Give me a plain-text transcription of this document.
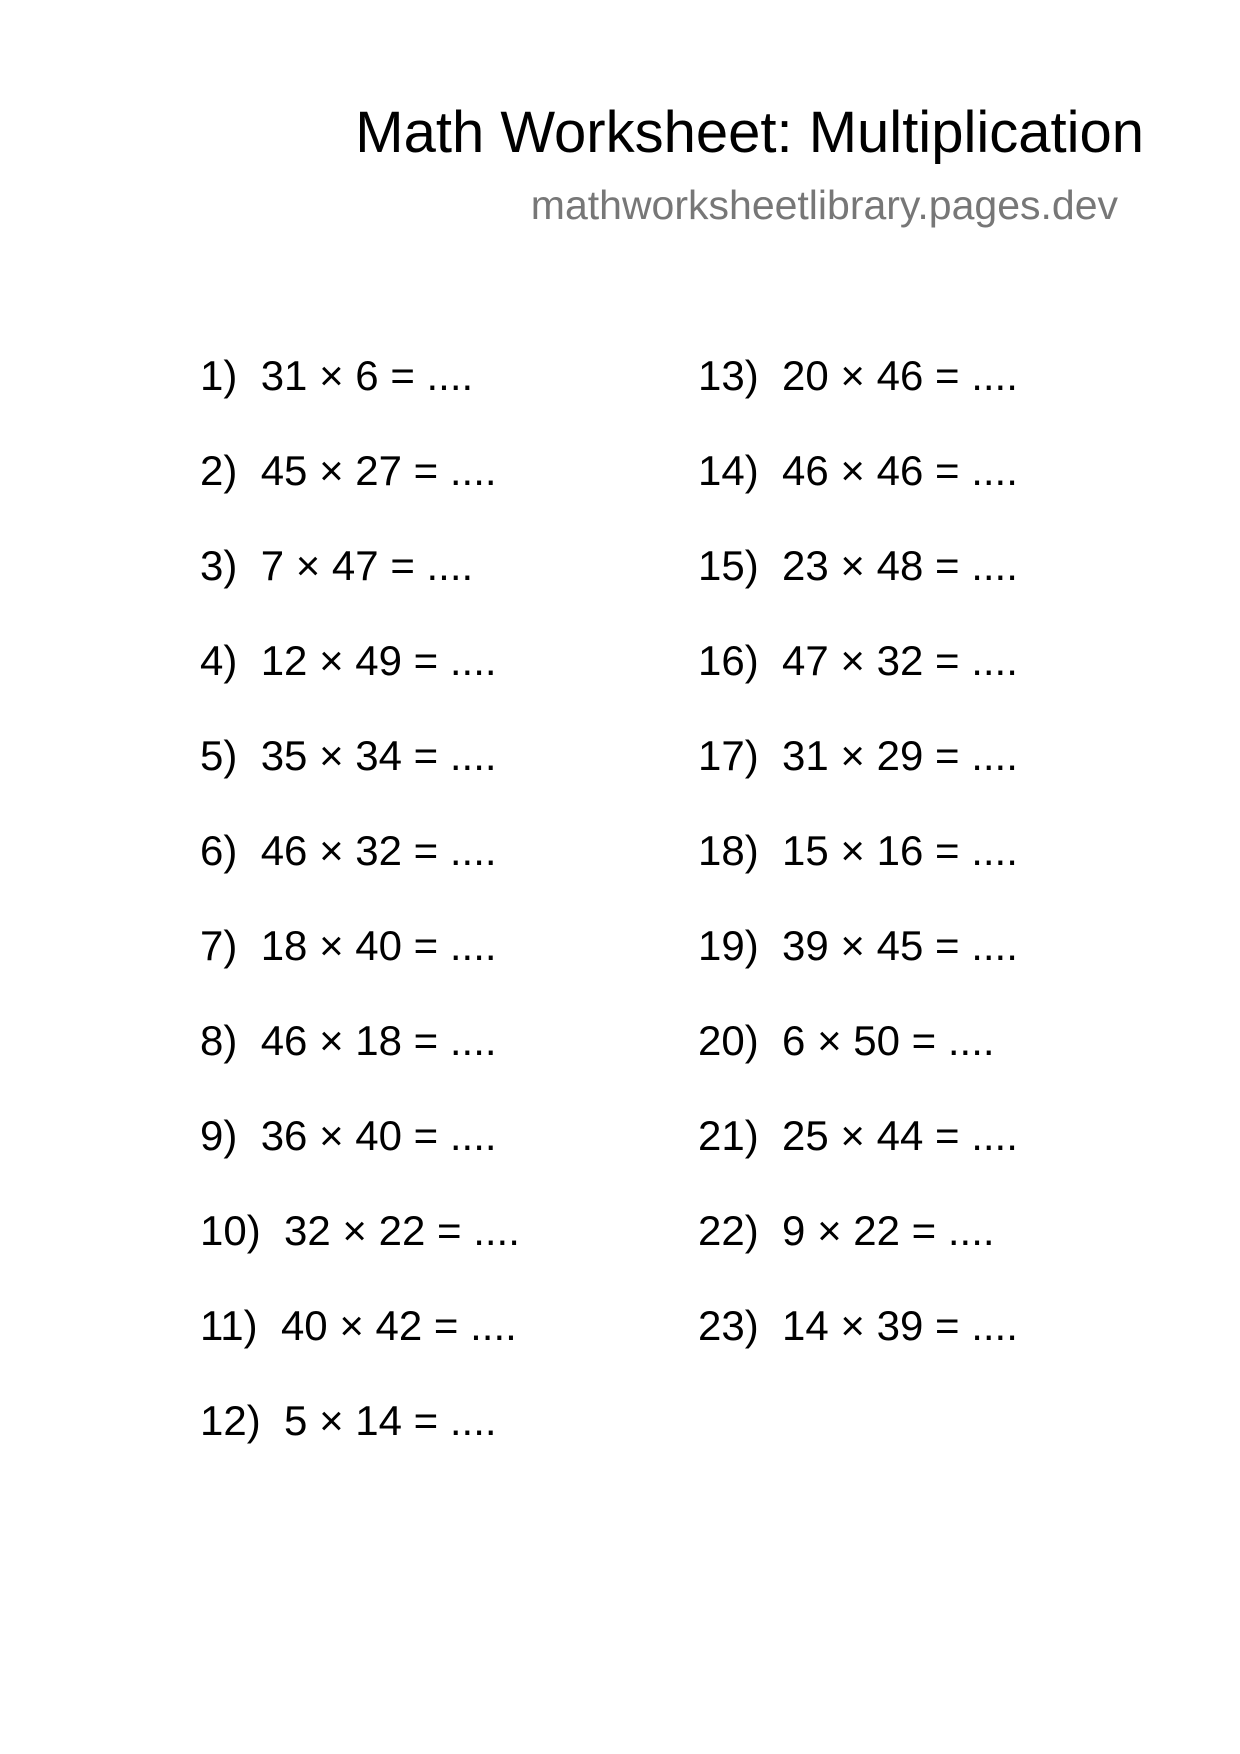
Math Worksheet: Multiplication
mathworksheetlibrary.pages.dev
1) 31 × 6 = ....
2) 45 × 27 = ....
3) 7 × 47 = ....
4) 12 × 49 = ....
5) 35 × 34 = ....
6) 46 × 32 = ....
7) 18 × 40 = ....
8) 46 × 18 = ....
9) 36 × 40 = ....
10) 32 × 22 = ....
11) 40 × 42 = ....
12) 5 × 14 = ....
13) 20 × 46 = ....
14) 46 × 46 = ....
15) 23 × 48 = ....
16) 47 × 32 = ....
17) 31 × 29 = ....
18) 15 × 16 = ....
19) 39 × 45 = ....
20) 6 × 50 = ....
21) 25 × 44 = ....
22) 9 × 22 = ....
23) 14 × 39 = ....
